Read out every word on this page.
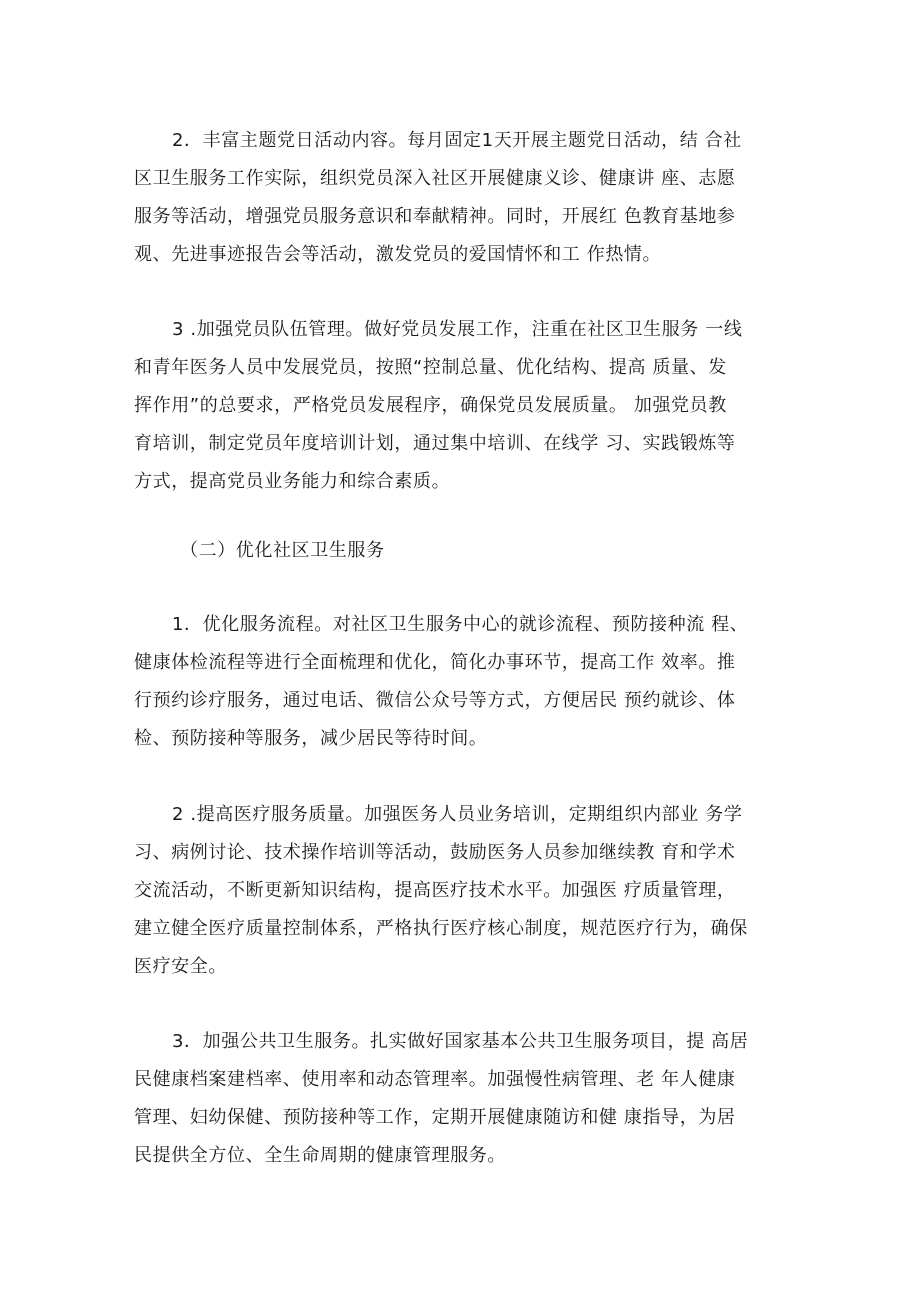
2．丰富主题党日活动内容。每月固定1天开展主题党日活动，结 合社
区卫生服务工作实际，组织党员深入社区开展健康义诊、健康讲 座、志愿
服务等活动，增强党员服务意识和奉献精神。同时，开展红 色教育基地参
观、先进事迹报告会等活动，激发党员的爱国情怀和工 作热情。
3 .加强党员队伍管理。做好党员发展工作，注重在社区卫生服务 一线
和青年医务人员中发展党员，按照“控制总量、优化结构、提高 质量、发
挥作用”的总要求，严格党员发展程序，确保党员发展质量。 加强党员教
育培训，制定党员年度培训计划，通过集中培训、在线学 习、实践锻炼等
方式，提高党员业务能力和综合素质。
（二）优化社区卫生服务
1．优化服务流程。对社区卫生服务中心的就诊流程、预防接种流 程、
健康体检流程等进行全面梳理和优化，简化办事环节，提高工作 效率。推
行预约诊疗服务，通过电话、微信公众号等方式，方便居民 预约就诊、体
检、预防接种等服务，减少居民等待时间。
2 .提高医疗服务质量。加强医务人员业务培训，定期组织内部业 务学
习、病例讨论、技术操作培训等活动，鼓励医务人员参加继续教 育和学术
交流活动，不断更新知识结构，提高医疗技术水平。加强医 疗质量管理，
建立健全医疗质量控制体系，严格执行医疗核心制度，规范医疗行为，确保
医疗安全。
3．加强公共卫生服务。扎实做好国家基本公共卫生服务项目，提 高居
民健康档案建档率、使用率和动态管理率。加强慢性病管理、老 年人健康
管理、妇幼保健、预防接种等工作，定期开展健康随访和健 康指导，为居
民提供全方位、全生命周期的健康管理服务。
